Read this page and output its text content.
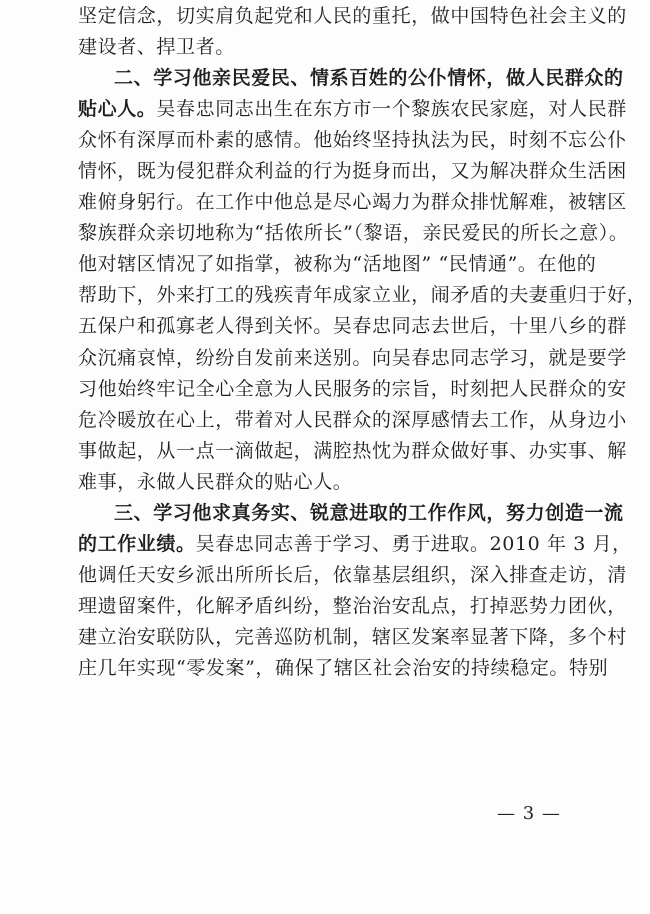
坚定信念，切实肩负起党和人民的重托，做中国特色社会主义的
建设者、捍卫者。
二、学习他亲民爱民、情系百姓的公仆情怀，做人民群众的
贴心人。吴春忠同志出生在东方市一个黎族农民家庭，对人民群
众怀有深厚而朴素的感情。他始终坚持执法为民，时刻不忘公仆
情怀，既为侵犯群众利益的行为挺身而出，又为解决群众生活困
难俯身躬行。在工作中他总是尽心竭力为群众排忧解难，被辖区
黎族群众亲切地称为“括侬所长”（黎语，亲民爱民的所长之意）。
他对辖区情况了如指掌，被称为“活地图” “民情通”。在他的
帮助下，外来打工的残疾青年成家立业，闹矛盾的夫妻重归于好，
五保户和孤寡老人得到关怀。吴春忠同志去世后，十里八乡的群
众沉痛哀悼，纷纷自发前来送别。向吴春忠同志学习，就是要学
习他始终牢记全心全意为人民服务的宗旨，时刻把人民群众的安
危冷暖放在心上，带着对人民群众的深厚感情去工作，从身边小
事做起，从一点一滴做起，满腔热忱为群众做好事、办实事、解
难事，永做人民群众的贴心人。
三、学习他求真务实、锐意进取的工作作风，努力创造一流
的工作业绩。吴春忠同志善于学习、勇于进取。2010 年 3 月，
他调任天安乡派出所所长后，依靠基层组织，深入排查走访，清
理遗留案件，化解矛盾纠纷，整治治安乱点，打掉恶势力团伙，
建立治安联防队，完善巡防机制，辖区发案率显著下降，多个村
庄几年实现“零发案”，确保了辖区社会治安的持续稳定。特别
— 3 —
